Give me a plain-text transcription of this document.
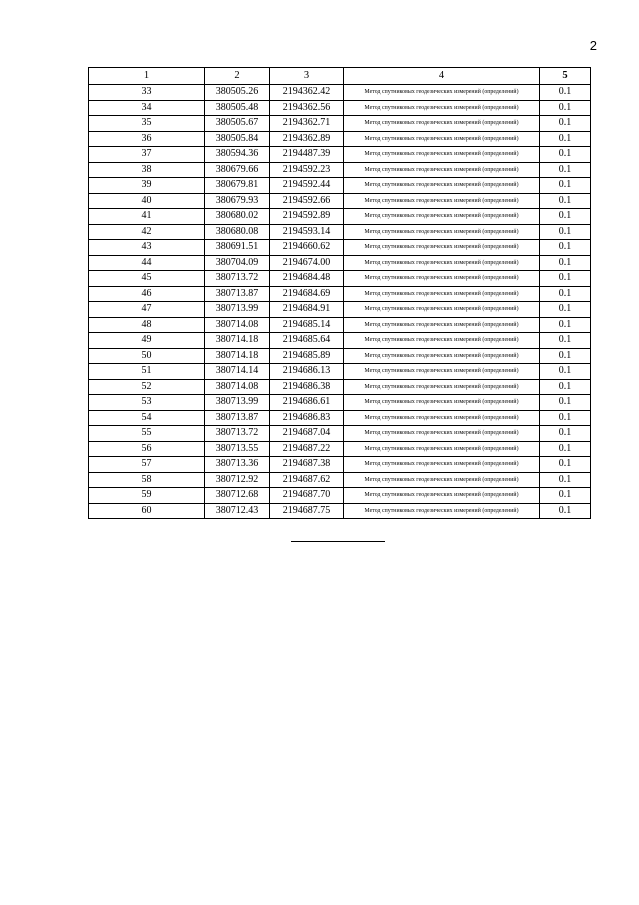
2
1	2	3	4	5
33	380505.26	2194362.42	Метод спутниковых геодезических измерений (определений)	0.1
34	380505.48	2194362.56	Метод спутниковых геодезических измерений (определений)	0.1
35	380505.67	2194362.71	Метод спутниковых геодезических измерений (определений)	0.1
36	380505.84	2194362.89	Метод спутниковых геодезических измерений (определений)	0.1
37	380594.36	2194487.39	Метод спутниковых геодезических измерений (определений)	0.1
38	380679.66	2194592.23	Метод спутниковых геодезических измерений (определений)	0.1
39	380679.81	2194592.44	Метод спутниковых геодезических измерений (определений)	0.1
40	380679.93	2194592.66	Метод спутниковых геодезических измерений (определений)	0.1
41	380680.02	2194592.89	Метод спутниковых геодезических измерений (определений)	0.1
42	380680.08	2194593.14	Метод спутниковых геодезических измерений (определений)	0.1
43	380691.51	2194660.62	Метод спутниковых геодезических измерений (определений)	0.1
44	380704.09	2194674.00	Метод спутниковых геодезических измерений (определений)	0.1
45	380713.72	2194684.48	Метод спутниковых геодезических измерений (определений)	0.1
46	380713.87	2194684.69	Метод спутниковых геодезических измерений (определений)	0.1
47	380713.99	2194684.91	Метод спутниковых геодезических измерений (определений)	0.1
48	380714.08	2194685.14	Метод спутниковых геодезических измерений (определений)	0.1
49	380714.18	2194685.64	Метод спутниковых геодезических измерений (определений)	0.1
50	380714.18	2194685.89	Метод спутниковых геодезических измерений (определений)	0.1
51	380714.14	2194686.13	Метод спутниковых геодезических измерений (определений)	0.1
52	380714.08	2194686.38	Метод спутниковых геодезических измерений (определений)	0.1
53	380713.99	2194686.61	Метод спутниковых геодезических измерений (определений)	0.1
54	380713.87	2194686.83	Метод спутниковых геодезических измерений (определений)	0.1
55	380713.72	2194687.04	Метод спутниковых геодезических измерений (определений)	0.1
56	380713.55	2194687.22	Метод спутниковых геодезических измерений (определений)	0.1
57	380713.36	2194687.38	Метод спутниковых геодезических измерений (определений)	0.1
58	380712.92	2194687.62	Метод спутниковых геодезических измерений (определений)	0.1
59	380712.68	2194687.70	Метод спутниковых геодезических измерений (определений)	0.1
60	380712.43	2194687.75	Метод спутниковых геодезических измерений (определений)	0.1
